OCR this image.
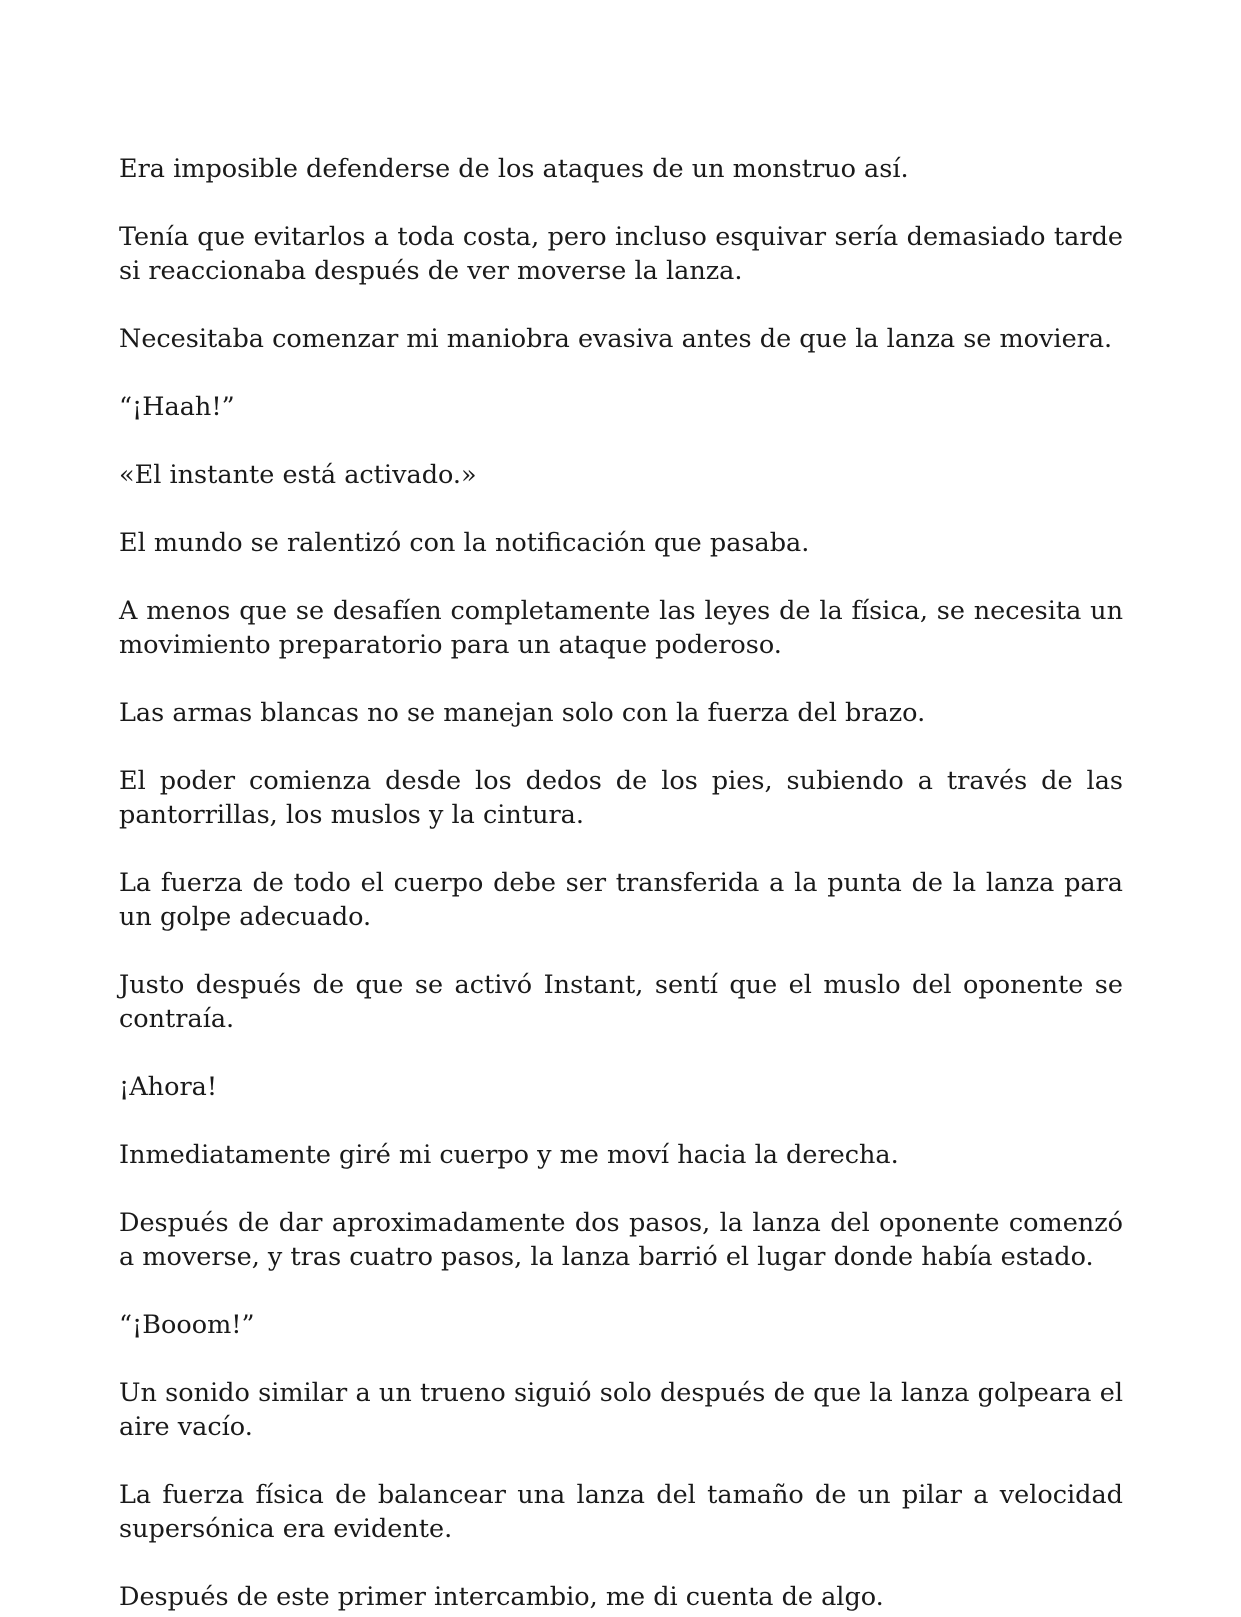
Era imposible defenderse de los ataques de un monstruo así.

Tenía que evitarlos a toda costa, pero incluso esquivar sería demasiado tarde si reaccionaba después de ver moverse la lanza.

Necesitaba comenzar mi maniobra evasiva antes de que la lanza se moviera.

“¡Haah!”

«El instante está activado.»

El mundo se ralentizó con la notificación que pasaba.

A menos que se desafíen completamente las leyes de la física, se necesita un movimiento preparatorio para un ataque poderoso.

Las armas blancas no se manejan solo con la fuerza del brazo.

El poder comienza desde los dedos de los pies, subiendo a través de las pantorrillas, los muslos y la cintura.

La fuerza de todo el cuerpo debe ser transferida a la punta de la lanza para un golpe adecuado.

Justo después de que se activó Instant, sentí que el muslo del oponente se contraía.

¡Ahora!

Inmediatamente giré mi cuerpo y me moví hacia la derecha.

Después de dar aproximadamente dos pasos, la lanza del oponente comenzó a moverse, y tras cuatro pasos, la lanza barrió el lugar donde había estado.

“¡Booom!”

Un sonido similar a un trueno siguió solo después de que la lanza golpeara el aire vacío.

La fuerza física de balancear una lanza del tamaño de un pilar a velocidad supersónica era evidente.

Después de este primer intercambio, me di cuenta de algo.
